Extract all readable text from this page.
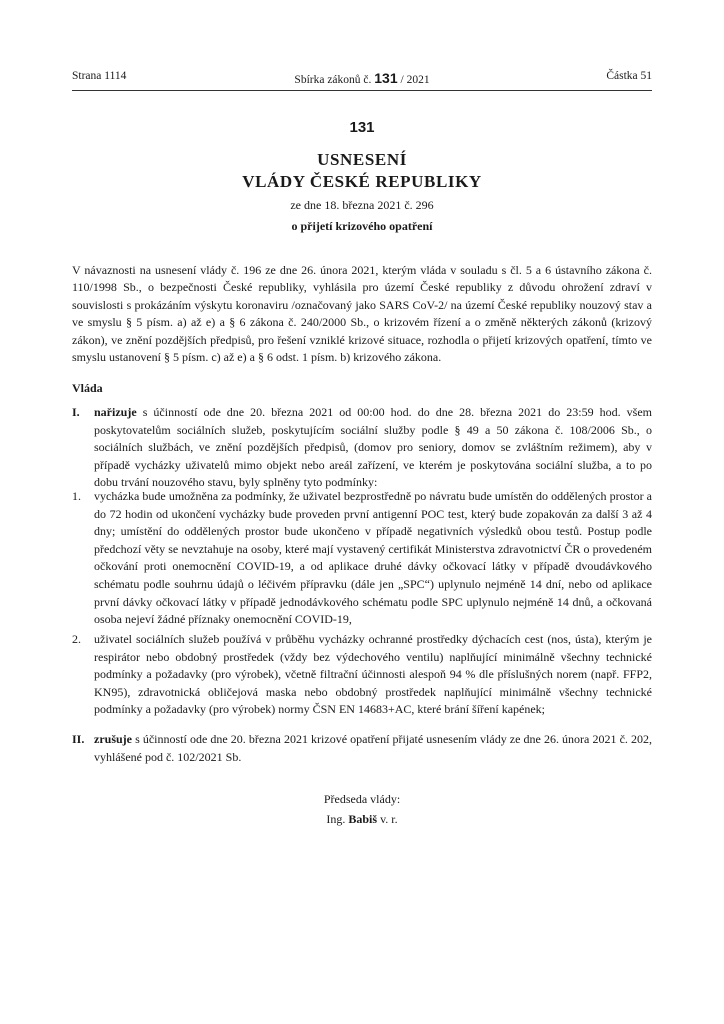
Strana 1114	Sbírka zákonů č. 131 / 2021	Částka 51
131
USNESENÍ
VLÁDY ČESKÉ REPUBLIKY
ze dne 18. března 2021 č. 296
o přijetí krizového opatření

V návaznosti na usnesení vlády č. 196 ze dne 26. února 2021, kterým vláda v souladu s čl. 5 a 6 ústavního zákona č. 110/1998 Sb., o bezpečnosti České republiky, vyhlásila pro území České republiky z důvodu ohrožení zdraví v souvislosti s prokázáním výskytu koronaviru /označovaný jako SARS CoV-2/ na území České republiky nouzový stav a ve smyslu § 5 písm. a) až e) a § 6 zákona č. 240/2000 Sb., o krizovém řízení a o změně některých zákonů (krizový zákon), ve znění pozdějších předpisů, pro řešení vzniklé krizové situace, rozhodla o přijetí krizových opatření, tímto ve smyslu ustanovení § 5 písm. c) až e) a § 6 odst. 1 písm. b) krizového zákona.

Vláda
I. nařizuje s účinností ode dne 20. března 2021 od 00:00 hod. do dne 28. března 2021 do 23:59 hod. všem poskytovatelům sociálních služeb, poskytujícím sociální služby podle § 49 a 50 zákona č. 108/2006 Sb., o sociálních službách, ve znění pozdějších předpisů, (domov pro seniory, domov se zvláštním režimem), aby v případě vycházky uživatelů mimo objekt nebo areál zařízení, ve kterém je poskytována sociální služba, a to po dobu trvání nouzového stavu, byly splněny tyto podmínky:
1. vycházka bude umožněna za podmínky, že uživatel bezprostředně po návratu bude umístěn do oddělených prostor a do 72 hodin od ukončení vycházky bude proveden první antigenní POC test, který bude zopakován za další 3 až 4 dny; umístění do oddělených prostor bude ukončeno v případě negativních výsledků obou testů. Postup podle předchozí věty se nevztahuje na osoby, které mají vystavený certifikát Ministerstva zdravotnictví ČR o provedeném očkování proti onemocnění COVID-19, a od aplikace druhé dávky očkovací látky v případě dvoudávkového schématu podle souhrnu údajů o léčivém přípravku (dále jen „SPC“) uplynulo nejméně 14 dní, nebo od aplikace první dávky očkovací látky v případě jednodávkového schématu podle SPC uplynulo nejméně 14 dnů, a očkovaná osoba nejeví žádné příznaky onemocnění COVID-19,
2. uživatel sociálních služeb používá v průběhu vycházky ochranné prostředky dýchacích cest (nos, ústa), kterým je respirátor nebo obdobný prostředek (vždy bez výdechového ventilu) naplňující minimálně všechny technické podmínky a požadavky (pro výrobek), včetně filtrační účinnosti alespoň 94 % dle příslušných norem (např. FFP2, KN95), zdravotnická obličejová maska nebo obdobný prostředek naplňující minimálně všechny technické podmínky a požadavky (pro výrobek) normy ČSN EN 14683+AC, které brání šíření kapének;
II. zrušuje s účinností ode dne 20. března 2021 krizové opatření přijaté usnesením vlády ze dne 26. února 2021 č. 202, vyhlášené pod č. 102/2021 Sb.
Předseda vlády:
Ing. Babiš v. r.
